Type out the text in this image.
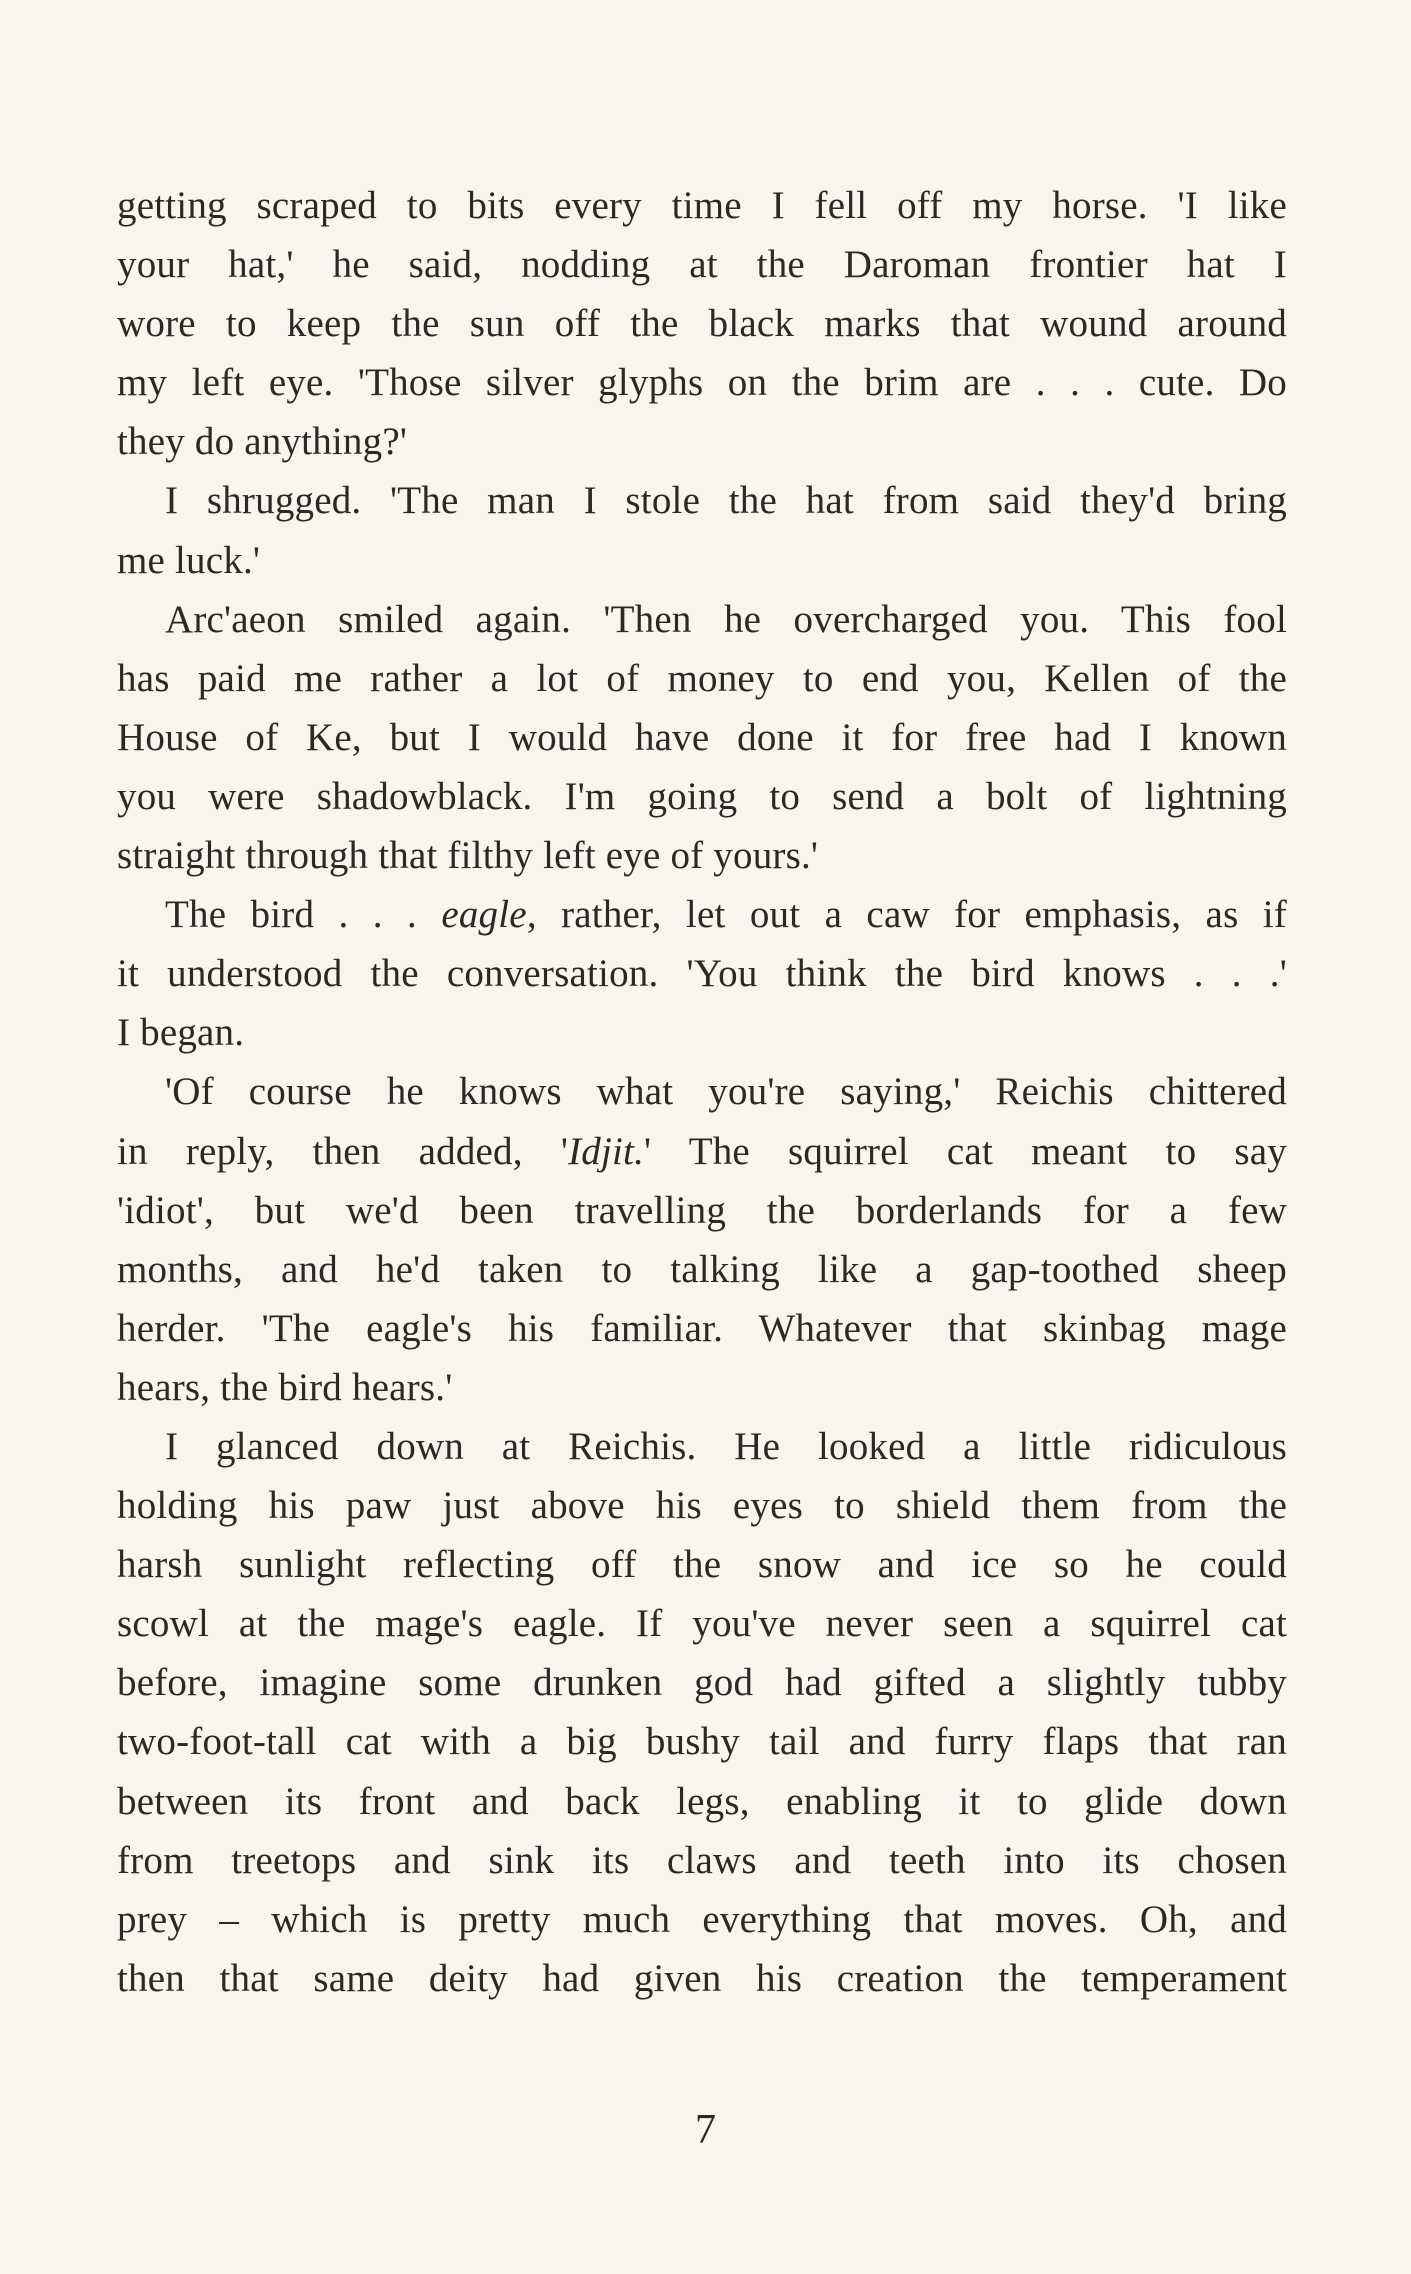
getting scraped to bits every time I fell off my horse. 'I like
your hat,' he said, nodding at the Daroman frontier hat I
wore to keep the sun off the black marks that wound around
my left eye. 'Those silver glyphs on the brim are . . . cute. Do
they do anything?'
I shrugged. 'The man I stole the hat from said they'd bring
me luck.'
Arc'aeon smiled again. 'Then he overcharged you. This fool
has paid me rather a lot of money to end you, Kellen of the
House of Ke, but I would have done it for free had I known
you were shadowblack. I'm going to send a bolt of lightning
straight through that filthy left eye of yours.'
The bird . . . eagle, rather, let out a caw for emphasis, as if
it understood the conversation. 'You think the bird knows . . .'
I began.
'Of course he knows what you're saying,' Reichis chittered
in reply, then added, 'Idjit.' The squirrel cat meant to say
'idiot', but we'd been travelling the borderlands for a few
months, and he'd taken to talking like a gap-toothed sheep
herder. 'The eagle's his familiar. Whatever that skinbag mage
hears, the bird hears.'
I glanced down at Reichis. He looked a little ridiculous
holding his paw just above his eyes to shield them from the
harsh sunlight reflecting off the snow and ice so he could
scowl at the mage's eagle. If you've never seen a squirrel cat
before, imagine some drunken god had gifted a slightly tubby
two-foot-tall cat with a big bushy tail and furry flaps that ran
between its front and back legs, enabling it to glide down
from treetops and sink its claws and teeth into its chosen
prey – which is pretty much everything that moves. Oh, and
then that same deity had given his creation the temperament
7
